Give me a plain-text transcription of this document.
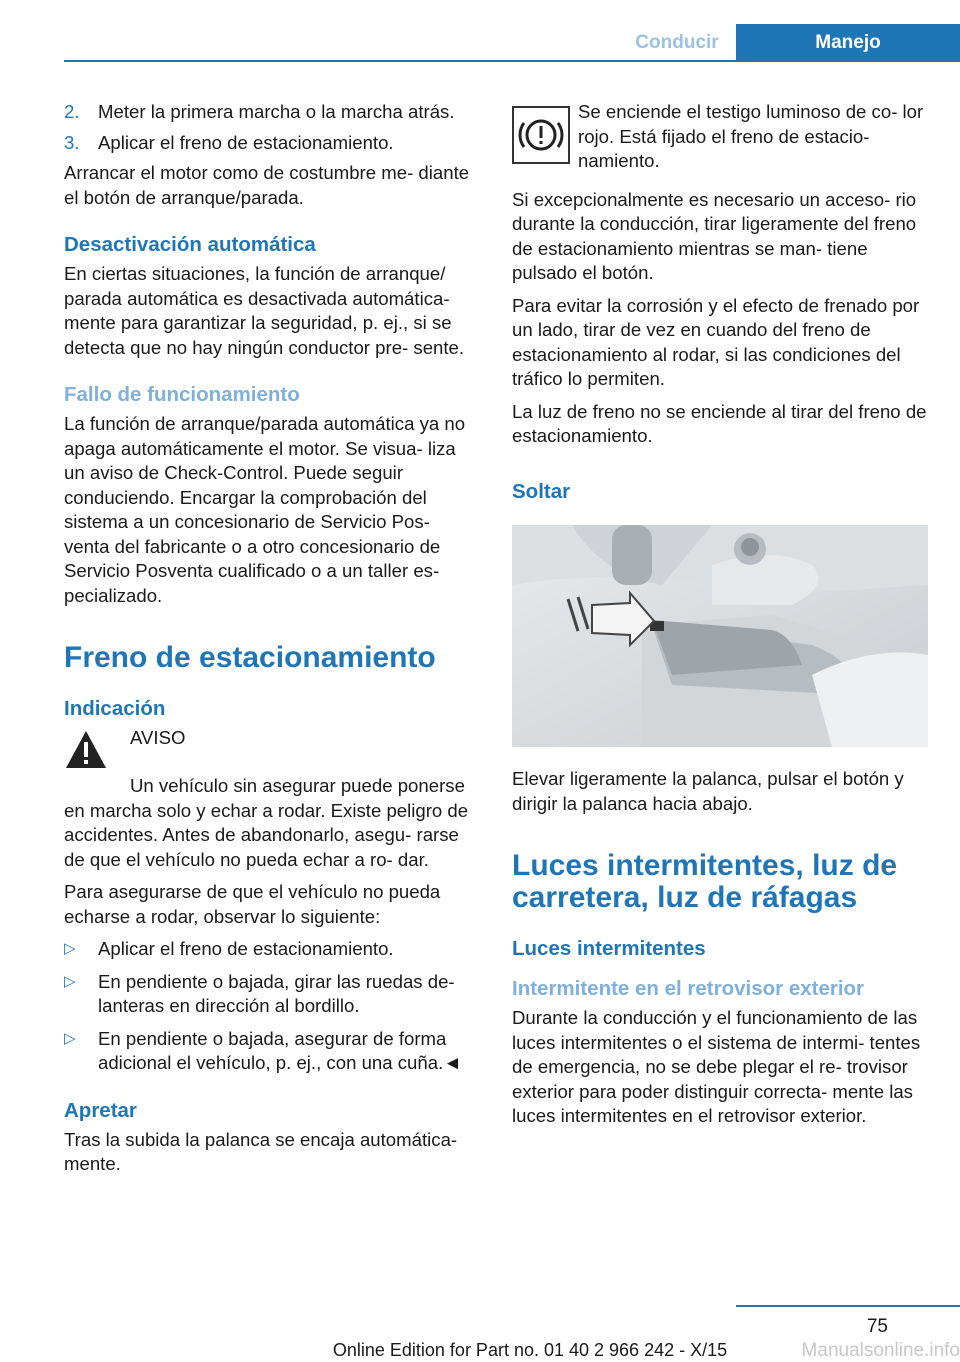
Conducir	Manejo
2. Meter la primera marcha o la marcha atrás.
3. Aplicar el freno de estacionamiento.

Arrancar el motor como de costumbre me‐ diante el botón de arranque/parada.

Desactivación automática

En ciertas situaciones, la función de arranque/ parada automática es desactivada automática‐ mente para garantizar la seguridad, p. ej., si se detecta que no hay ningún conductor pre‐ sente.

Fallo de funcionamiento

La función de arranque/parada automática ya no apaga automáticamente el motor. Se visua‐ liza un aviso de Check-Control. Puede seguir conduciendo. Encargar la comprobación del sistema a un concesionario de Servicio Pos‐ venta del fabricante o a otro concesionario de Servicio Posventa cualificado o a un taller es‐ pecializado.

Freno de estacionamiento
Indicación
AVISO

Un vehículo sin asegurar puede ponerse en marcha solo y echar a rodar. Existe peligro de accidentes. Antes de abandonarlo, asegu‐ rarse de que el vehículo no pueda echar a ro‐ dar.

Para asegurarse de que el vehículo no pueda echarse a rodar, observar lo siguiente:

▷	Aplicar el freno de estacionamiento.
▷	En pendiente o bajada, girar las ruedas de‐ lanteras en dirección al bordillo.
▷	En pendiente o bajada, asegurar de forma adicional el vehículo, p. ej., con una cuña.◄
Apretar

Tras la subida la palanca se encaja automática‐ mente.

Se enciende el testigo luminoso de co‐ lor rojo. Está fijado el freno de estacio‐ namiento.

Si excepcionalmente es necesario un acceso‐ rio durante la conducción, tirar ligeramente del freno de estacionamiento mientras se man‐ tiene pulsado el botón.

Para evitar la corrosión y el efecto de frenado por un lado, tirar de vez en cuando del freno de estacionamiento al rodar, si las condiciones del tráfico lo permiten.

La luz de freno no se enciende al tirar del freno de estacionamiento.

Soltar

Elevar ligeramente la palanca, pulsar el botón y dirigir la palanca hacia abajo.

Luces intermitentes, luz de carretera, luz de ráfagas
Luces intermitentes
Intermitente en el retrovisor exterior

Durante la conducción y el funcionamiento de las luces intermitentes o el sistema de intermi‐ tentes de emergencia, no se debe plegar el re‐ trovisor exterior para poder distinguir correcta‐ mente las luces intermitentes en el retrovisor exterior.

75
Online Edition for Part no. 01 40 2 966 242 - X/15	Manualsonline.info
